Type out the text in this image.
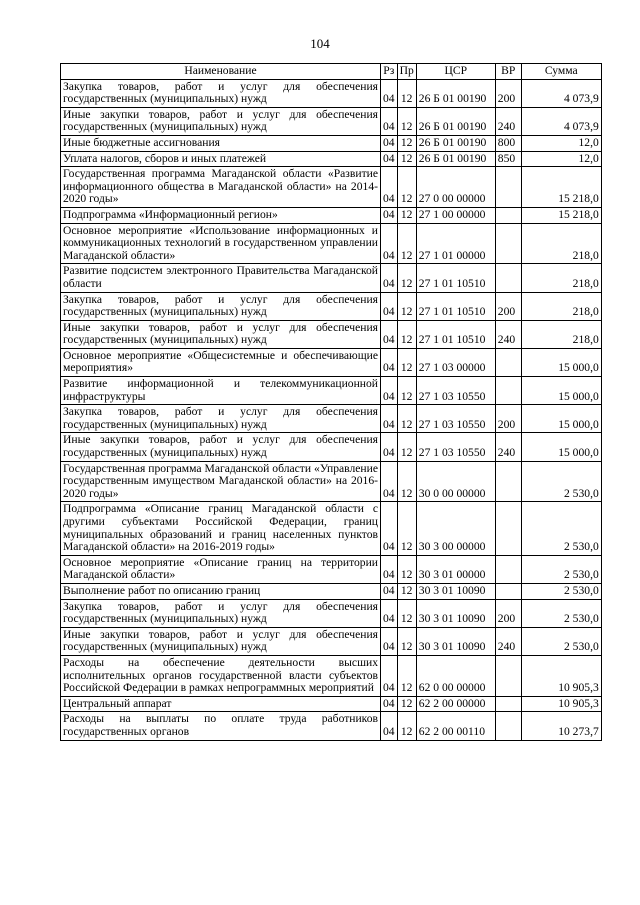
104
Наименование	Рз	Пр	ЦСР	ВР	Сумма
Закупка товаров, работ и услуг для обеспечения государственных (муниципальных) нужд	04	12	26 Б 01 00190	200	4 073,9
Иные закупки товаров, работ и услуг для обеспечения государственных (муниципальных) нужд	04	12	26 Б 01 00190	240	4 073,9
Иные бюджетные ассигнования	04	12	26 Б 01 00190	800	12,0
Уплата налогов, сборов и иных платежей	04	12	26 Б 01 00190	850	12,0
Государственная программа Магаданской области «Развитие информационного общества в Магаданской области» на 2014-2020 годы»	04	12	27 0 00 00000		15 218,0
Подпрограмма «Информационный регион»	04	12	27 1 00 00000		15 218,0
Основное мероприятие «Использование информационных и коммуникационных технологий в государственном управлении Магаданской области»	04	12	27 1 01 00000		218,0
Развитие подсистем электронного Правительства Магаданской области	04	12	27 1 01 10510		218,0
Закупка товаров, работ и услуг для обеспечения государственных (муниципальных) нужд	04	12	27 1 01 10510	200	218,0
Иные закупки товаров, работ и услуг для обеспечения государственных (муниципальных) нужд	04	12	27 1 01 10510	240	218,0
Основное мероприятие «Общесистемные и обеспечивающие мероприятия»	04	12	27 1 03 00000		15 000,0
Развитие информационной и телекоммуникационной инфраструктуры	04	12	27 1 03 10550		15 000,0
Закупка товаров, работ и услуг для обеспечения государственных (муниципальных) нужд	04	12	27 1 03 10550	200	15 000,0
Иные закупки товаров, работ и услуг для обеспечения государственных (муниципальных) нужд	04	12	27 1 03 10550	240	15 000,0
Государственная программа Магаданской области «Управление государственным имуществом Магаданской области» на 2016-2020 годы»	04	12	30 0 00 00000		2 530,0
Подпрограмма «Описание границ Магаданской области с другими субъектами Российской Федерации, границ муниципальных образований и границ населенных пунктов Магаданской области» на 2016-2019 годы»	04	12	30 3 00 00000		2 530,0
Основное мероприятие «Описание границ на территории Магаданской области»	04	12	30 3 01 00000		2 530,0
Выполнение работ по описанию границ	04	12	30 3 01 10090		2 530,0
Закупка товаров, работ и услуг для обеспечения государственных (муниципальных) нужд	04	12	30 3 01 10090	200	2 530,0
Иные закупки товаров, работ и услуг для обеспечения государственных (муниципальных) нужд	04	12	30 3 01 10090	240	2 530,0
Расходы на обеспечение деятельности высших исполнительных органов государственной власти субъектов Российской Федерации в рамках непрограммных мероприятий	04	12	62 0 00 00000		10 905,3
Центральный аппарат	04	12	62 2 00 00000		10 905,3
Расходы на выплаты по оплате труда работников государственных органов	04	12	62 2 00 00110		10 273,7
